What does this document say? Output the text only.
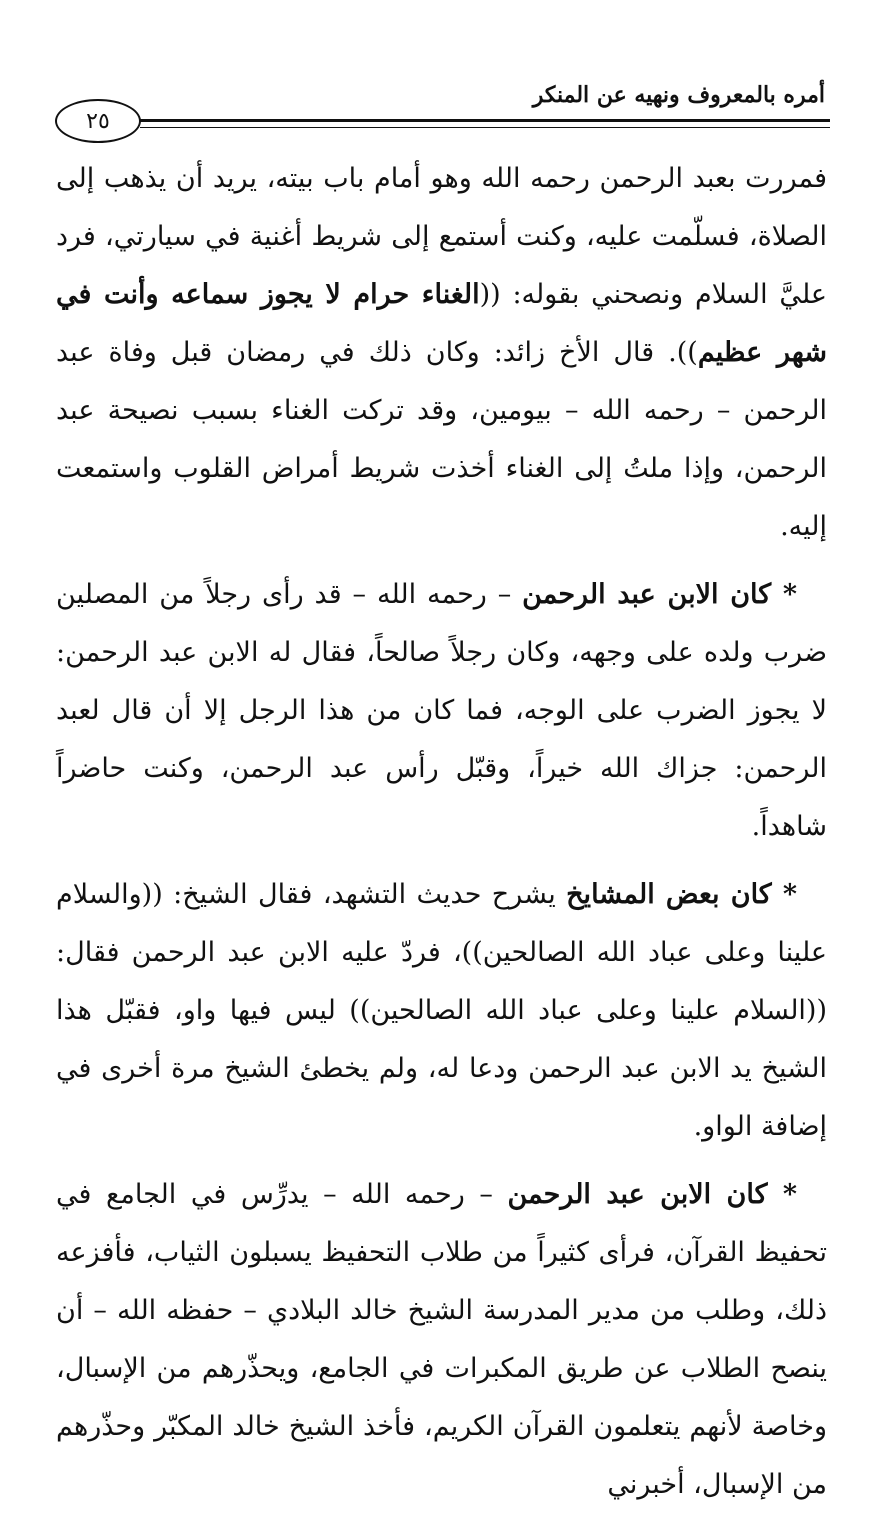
أمره بالمعروف ونهيه عن المنكر
٢٥

فمررت بعبد الرحمن رحمه الله وهو أمام باب بيته، يريد أن يذهب إلى الصلاة، فسلّمت عليه، وكنت أستمع إلى شريط أغنية في سيارتي، فرد عليَّ السلام ونصحني بقوله: ((الغناء حرام لا يجوز سماعه وأنت في شهر عظيم)). قال الأخ زائد: وكان ذلك في رمضان قبل وفاة عبد الرحمن – رحمه الله – بيومين، وقد تركت الغناء بسبب نصيحة عبد الرحمن، وإذا ملتُ إلى الغناء أخذت شريط أمراض القلوب واستمعت إليه.

* كان الابن عبد الرحمن – رحمه الله – قد رأى رجلاً من المصلين ضرب ولده على وجهه، وكان رجلاً صالحاً، فقال له الابن عبد الرحمن: لا يجوز الضرب على الوجه، فما كان من هذا الرجل إلا أن قال لعبد الرحمن: جزاك الله خيراً، وقبّل رأس عبد الرحمن، وكنت حاضراً شاهداً.

* كان بعض المشايخ يشرح حديث التشهد، فقال الشيخ: ((والسلام علينا وعلى عباد الله الصالحين))، فردّ عليه الابن عبد الرحمن فقال: ((السلام علينا وعلى عباد الله الصالحين)) ليس فيها واو، فقبّل هذا الشيخ يد الابن عبد الرحمن ودعا له، ولم يخطئ الشيخ مرة أخرى في إضافة الواو.

* كان الابن عبد الرحمن – رحمه الله – يدرِّس في الجامع في تحفيظ القرآن، فرأى كثيراً من طلاب التحفيظ يسبلون الثياب، فأفزعه ذلك، وطلب من مدير المدرسة الشيخ خالد البلادي – حفظه الله – أن ينصح الطلاب عن طريق المكبرات في الجامع، ويحذّرهم من الإسبال، وخاصة لأنهم يتعلمون القرآن الكريم، فأخذ الشيخ خالد المكبّر وحذّرهم من الإسبال، أخبرني
